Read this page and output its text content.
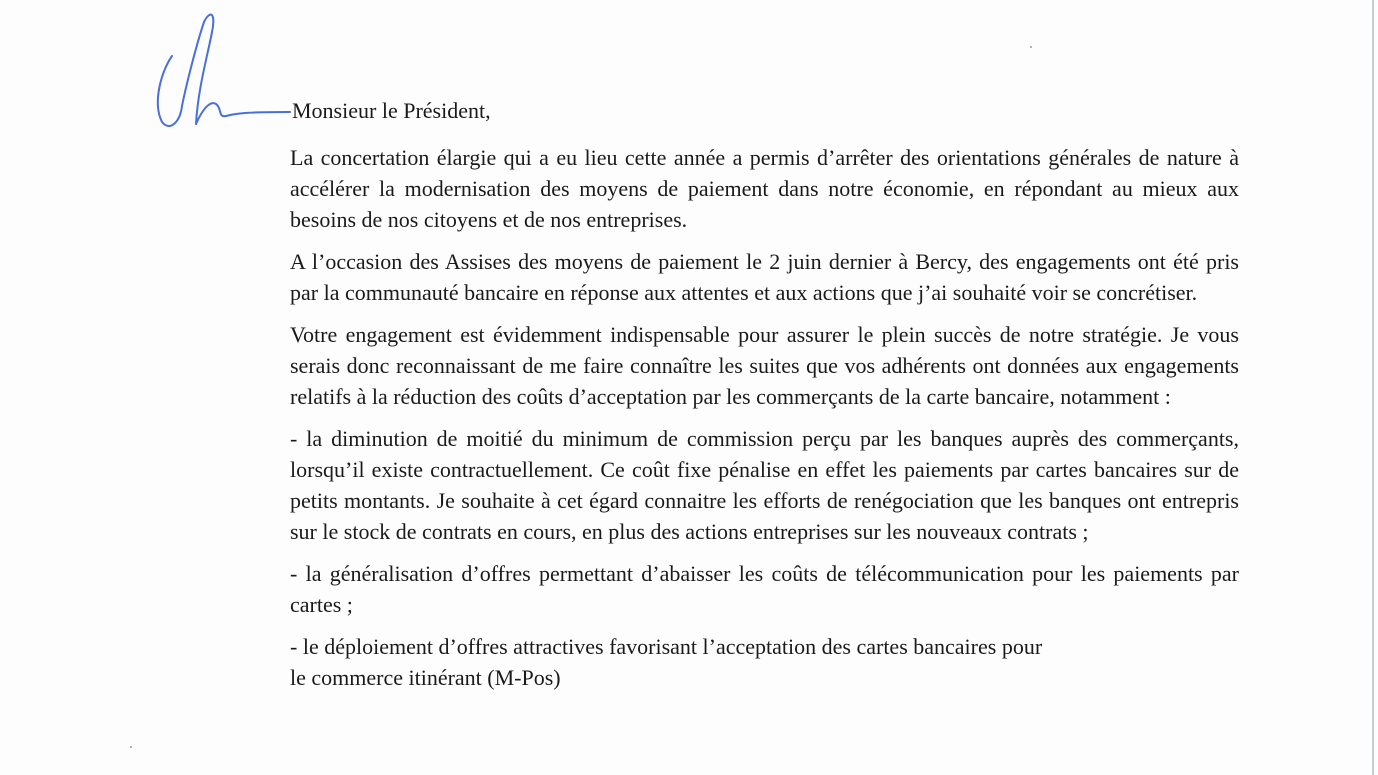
Monsieur le Président,

La concertation élargie qui a eu lieu cette année a permis d’arrêter des orientations générales de nature à accélérer la modernisation des moyens de paiement dans notre économie, en répondant au mieux aux besoins de nos citoyens et de nos entreprises.

A l’occasion des Assises des moyens de paiement le 2 juin dernier à Bercy, des engagements ont été pris par la communauté bancaire en réponse aux attentes et aux actions que j’ai souhaité voir se concrétiser.

Votre engagement est évidemment indispensable pour assurer le plein succès de notre stratégie. Je vous serais donc reconnaissant de me faire connaître les suites que vos adhérents ont données aux engagements relatifs à la réduction des coûts d’acceptation par les commerçants de la carte bancaire, notamment :

- la diminution de moitié du minimum de commission perçu par les banques auprès des commerçants, lorsqu’il existe contractuellement. Ce coût fixe pénalise en effet les paiements par cartes bancaires sur de petits montants. Je souhaite à cet égard connaitre les efforts de renégociation que les banques ont entrepris sur le stock de contrats en cours, en plus des actions entreprises sur les nouveaux contrats ;

- la généralisation d’offres permettant d’abaisser les coûts de télécommunication pour les paiements par cartes ;

- le déploiement d’offres attractives favorisant l’acceptation des cartes bancaires pour

le commerce itinérant (M-Pos)
